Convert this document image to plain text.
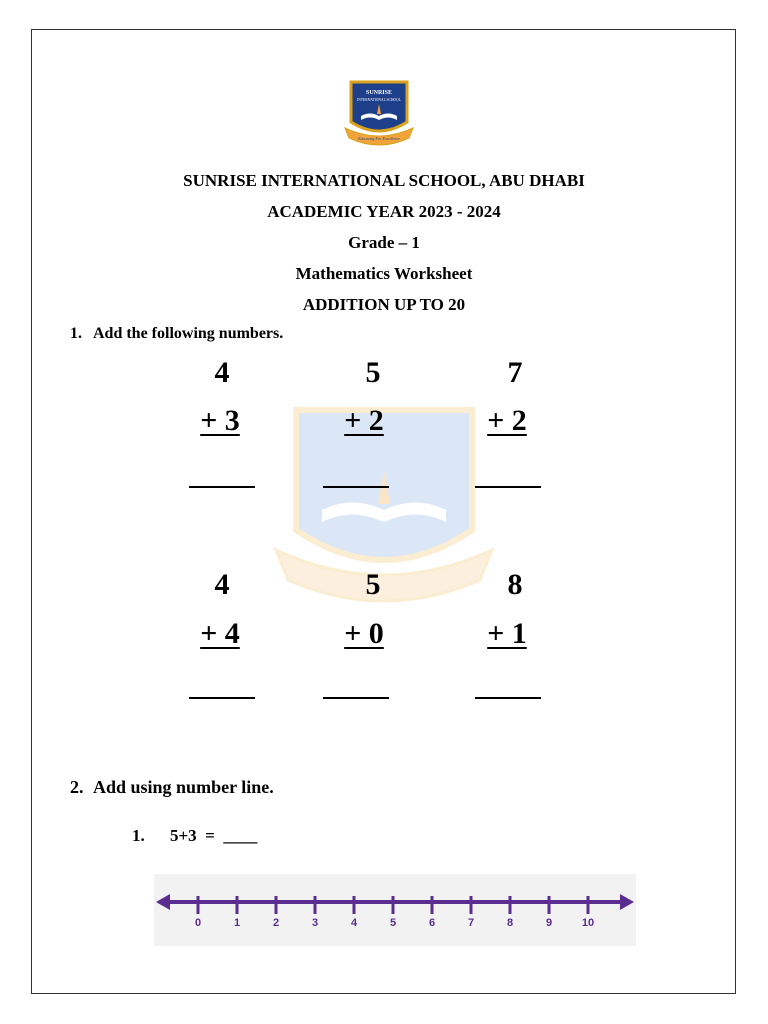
SUNRISE
INTERNATIONAL SCHOOL
Educating For Excellence
SUNRISE INTERNATIONAL SCHOOL, ABU DHABI
ACADEMIC YEAR 2023 - 2024
Grade – 1
Mathematics Worksheet
ADDITION UP TO 20
1. Add the following numbers.
4
+ 3
5
+ 2
7
+ 2
4
+ 4
5
+ 0
8
+ 1
2. Add using number line.
1. 5+3  =  ____
0	1	2	3	4	5	6	7	8	9	10
